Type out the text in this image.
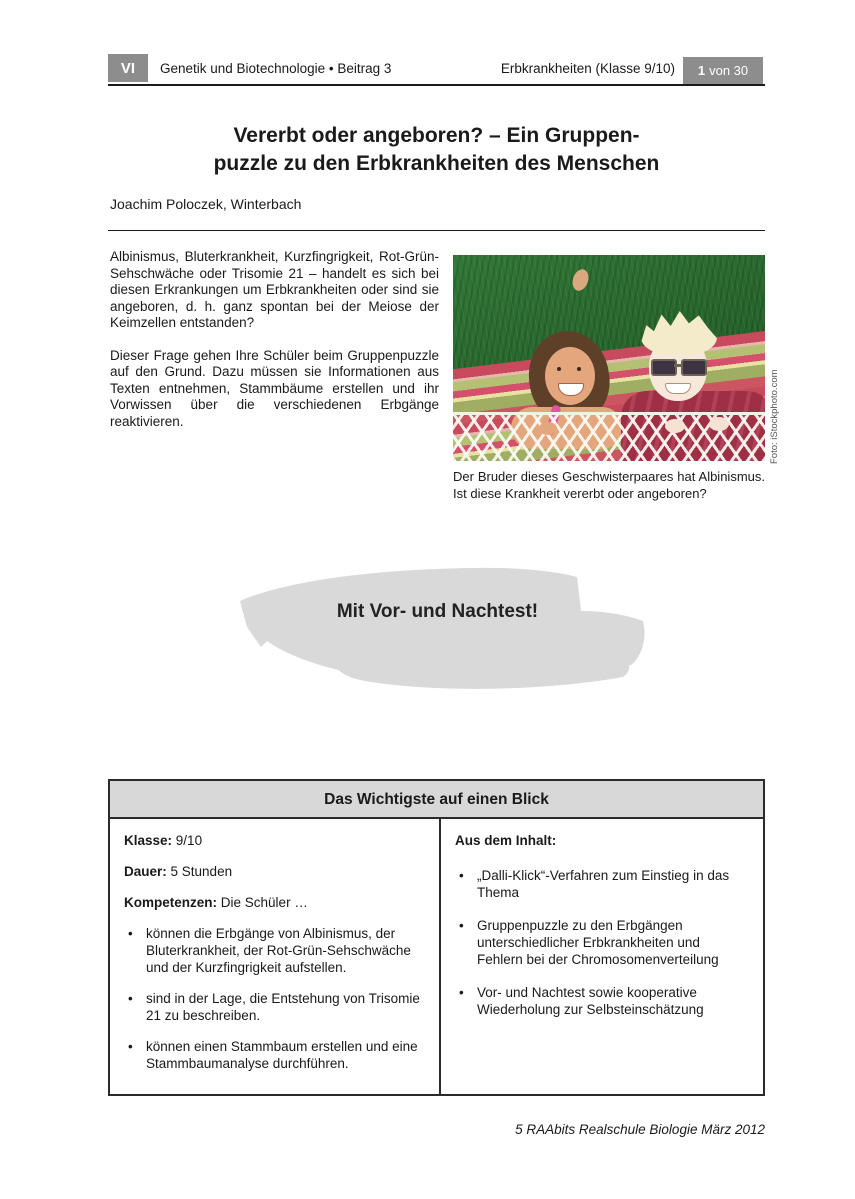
VI Genetik und Biotechnologie • Beitrag 3	Erbkrankheiten (Klasse 9/10) 1 von 30
Vererbt oder angeboren? – Ein Gruppen-
puzzle zu den Erbkrankheiten des Menschen
Joachim Poloczek, Winterbach

Albinismus, Bluterkrankheit, Kurzfingrigkeit, Rot-Grün-Sehschwäche oder Trisomie 21 – handelt es sich bei diesen Erkrankungen um Erbkrankheiten oder sind sie angeboren, d. h. ganz spontan bei der Meiose der Keimzellen entstanden?

Dieser Frage gehen Ihre Schüler beim Gruppenpuzzle auf den Grund. Dazu müssen sie Informationen aus Texten entnehmen, Stammbäume erstellen und ihr Vorwissen über die verschiedenen Erbgänge reaktivieren.	Foto: iStockphoto.com
Der Bruder dieses Geschwisterpaares hat Albinismus. Ist diese Krankheit vererbt oder angeboren?
Mit Vor- und Nachtest!
Das Wichtigste auf einen Blick

Klasse: 9/10

Dauer: 5 Stunden

Kompetenzen: Die Schüler …

• können die Erbgänge von Albinismus, der Bluterkrankheit, der Rot-Grün-Sehschwäche und der Kurzfingrigkeit aufstellen.
• sind in der Lage, die Entstehung von Trisomie 21 zu beschreiben.
• können einen Stammbaum erstellen und eine Stammbaumanalyse durchführen.

Aus dem Inhalt:

• „Dalli-Klick“-Verfahren zum Einstieg in das Thema
• Gruppenpuzzle zu den Erbgängen unterschiedlicher Erbkrankheiten und Fehlern bei der Chromosomenverteilung
• Vor- und Nachtest sowie kooperative Wiederholung zur Selbsteinschätzung
5 RAAbits Realschule Biologie März 2012
